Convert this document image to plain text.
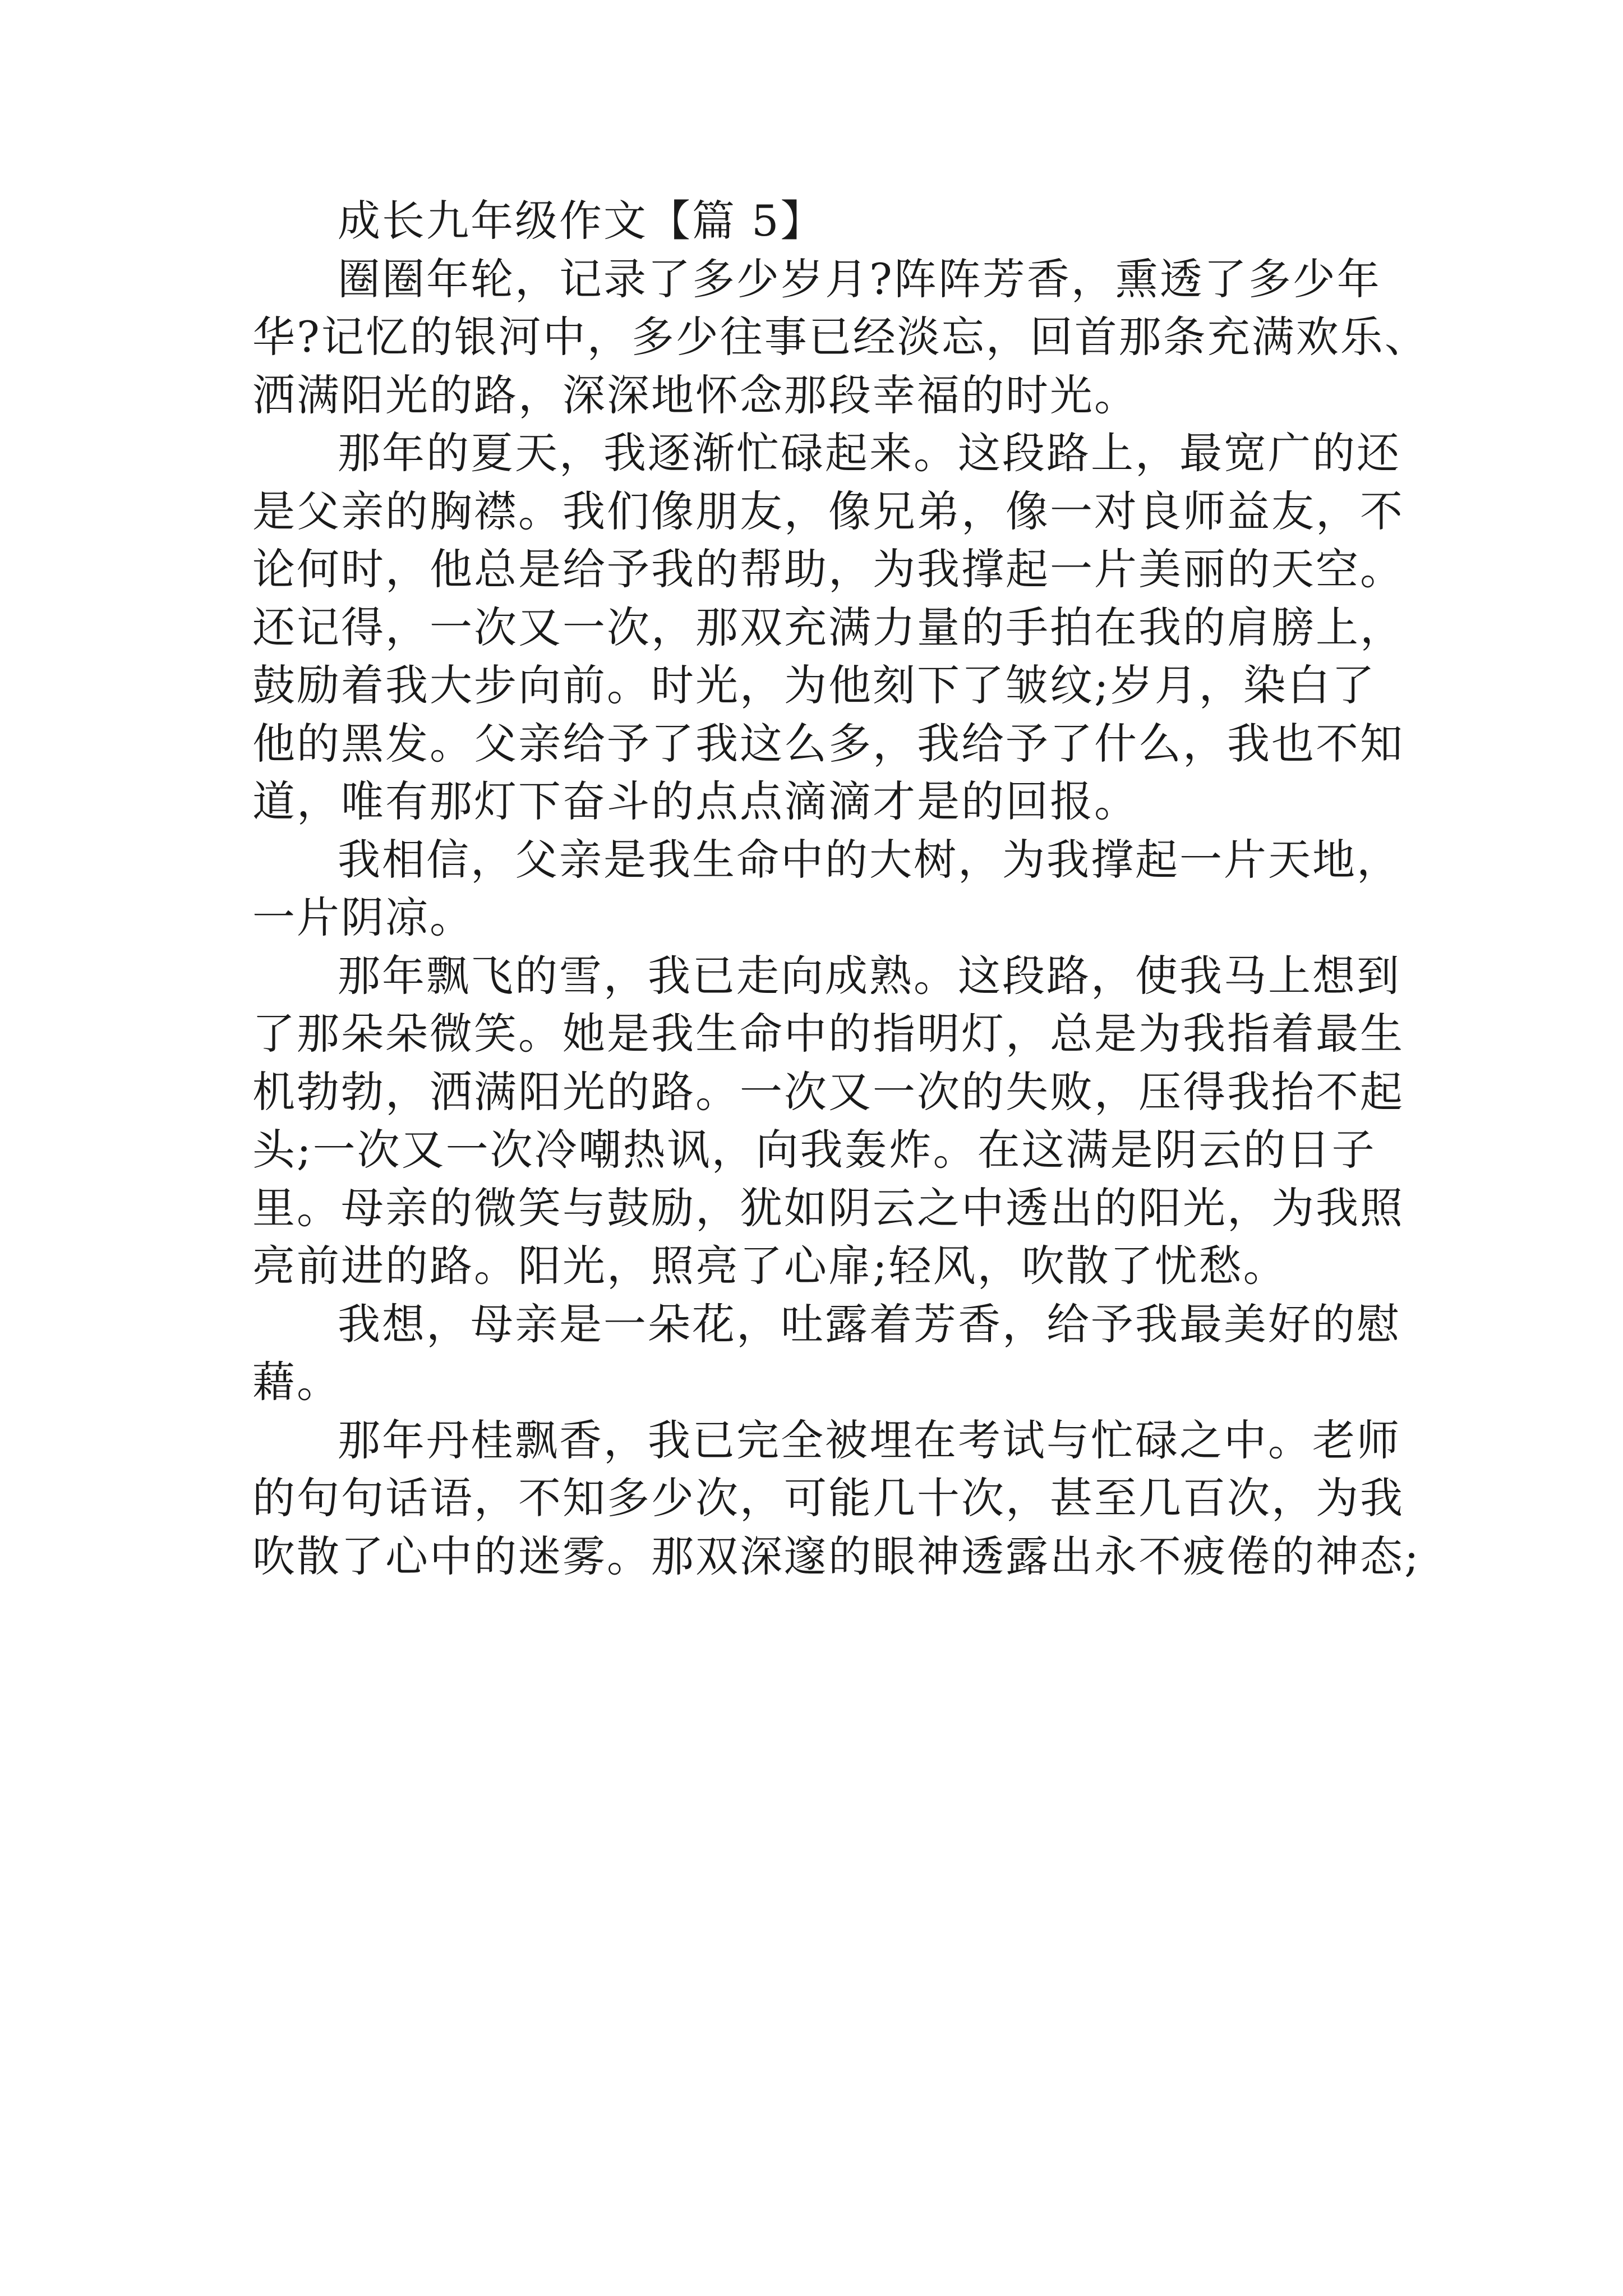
成长九年级作文【篇 5】
圈圈年轮，记录了多少岁月?阵阵芳香，熏透了多少年
华?记忆的银河中，多少往事已经淡忘，回首那条充满欢乐、
洒满阳光的路，深深地怀念那段幸福的时光。
那年的夏天，我逐渐忙碌起来。这段路上，最宽广的还
是父亲的胸襟。我们像朋友，像兄弟，像一对良师益友，不
论何时，他总是给予我的帮助，为我撑起一片美丽的天空。
还记得，一次又一次，那双充满力量的手拍在我的肩膀上，
鼓励着我大步向前。时光，为他刻下了皱纹;岁月，染白了
他的黑发。父亲给予了我这么多，我给予了什么，我也不知
道，唯有那灯下奋斗的点点滴滴才是的回报。
我相信，父亲是我生命中的大树，为我撑起一片天地，
一片阴凉。
那年飘飞的雪，我已走向成熟。这段路，使我马上想到
了那朵朵微笑。她是我生命中的指明灯，总是为我指着最生
机勃勃，洒满阳光的路。一次又一次的失败，压得我抬不起
头;一次又一次冷嘲热讽，向我轰炸。在这满是阴云的日子
里。母亲的微笑与鼓励，犹如阴云之中透出的阳光，为我照
亮前进的路。阳光，照亮了心扉;轻风，吹散了忧愁。
我想，母亲是一朵花，吐露着芳香，给予我最美好的慰
藉。
那年丹桂飘香，我已完全被埋在考试与忙碌之中。老师
的句句话语，不知多少次，可能几十次，甚至几百次，为我
吹散了心中的迷雾。那双深邃的眼神透露出永不疲倦的神态;
